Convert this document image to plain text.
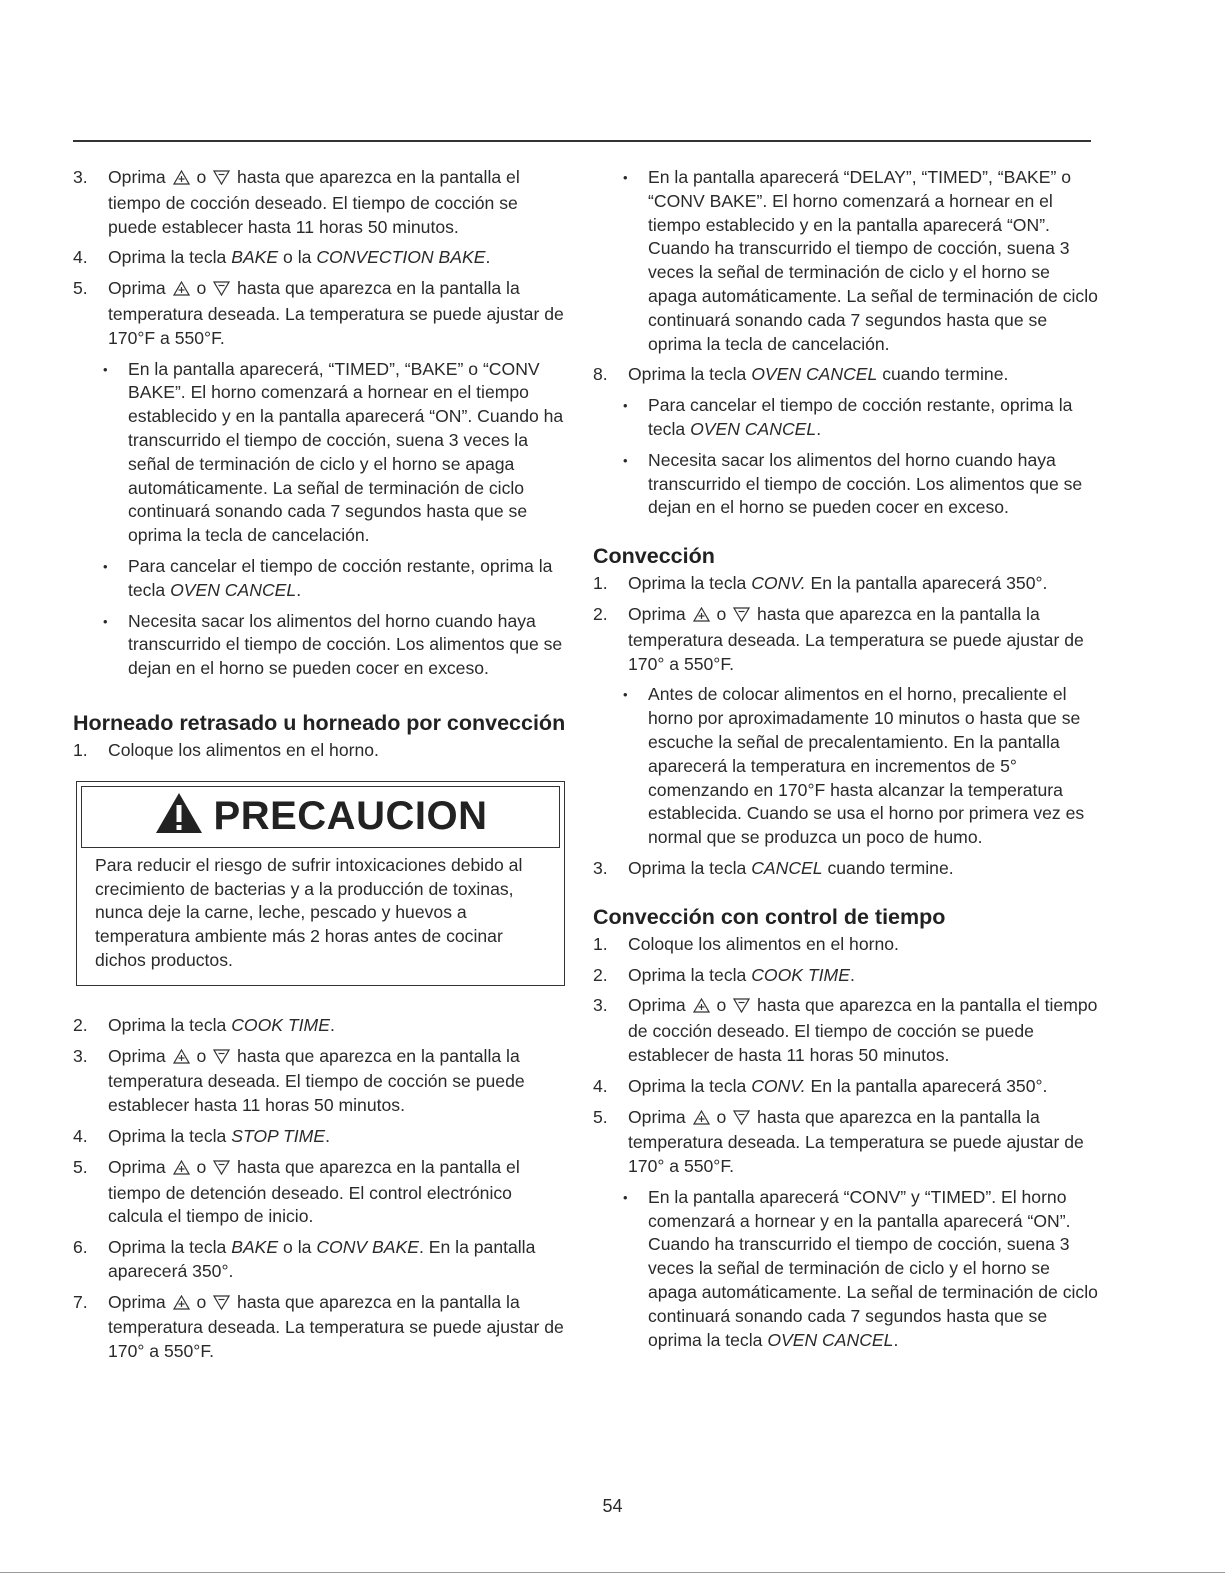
3. Oprima o hasta que aparezca en la pantalla el tiempo de cocción deseado. El tiempo de cocción se puede establecer hasta 11 horas 50 minutos.
4. Oprima la tecla BAKE o la CONVECTION BAKE.
5. Oprima o hasta que aparezca en la pantalla la temperatura deseada. La temperatura se puede ajustar de 170°F a 550°F.
• En la pantalla aparecerá, “TIMED”, “BAKE” o “CONV BAKE”. El horno comenzará a hornear en el tiempo establecido y en la pantalla aparecerá “ON”. Cuando ha transcurrido el tiempo de cocción, suena 3 veces la señal de terminación de ciclo y el horno se apaga automáticamente. La señal de terminación de ciclo continuará sonando cada 7 segundos hasta que se oprima la tecla de cancelación.
• Para cancelar el tiempo de cocción restante, oprima la tecla OVEN CANCEL.
• Necesita sacar los alimentos del horno cuando haya transcurrido el tiempo de cocción. Los alimentos que se dejan en el horno se pueden cocer en exceso.
Horneado retrasado u horneado por convección
1. Coloque los alimentos en el horno.
PRECAUCION
Para reducir el riesgo de sufrir intoxicaciones debido al crecimiento de bacterias y a la producción de toxinas, nunca deje la carne, leche, pescado y huevos a temperatura ambiente más 2 horas antes de cocinar dichos productos.
2. Oprima la tecla COOK TIME.
3. Oprima o hasta que aparezca en la pantalla la temperatura deseada. El tiempo de cocción se puede establecer hasta 11 horas 50 minutos.
4. Oprima la tecla STOP TIME.
5. Oprima o hasta que aparezca en la pantalla el tiempo de detención deseado. El control electrónico calcula el tiempo de inicio.
6. Oprima la tecla BAKE o la CONV BAKE. En la pantalla aparecerá 350°.
7. Oprima o hasta que aparezca en la pantalla la temperatura deseada. La temperatura se puede ajustar de 170° a 550°F.
• En la pantalla aparecerá “DELAY”, “TIMED”, “BAKE” o “CONV BAKE”. El horno comenzará a hornear en el tiempo establecido y en la pantalla aparecerá “ON”. Cuando ha transcurrido el tiempo de cocción, suena 3 veces la señal de terminación de ciclo y el horno se apaga automáticamente. La señal de terminación de ciclo continuará sonando cada 7 segundos hasta que se oprima la tecla de cancelación.
8. Oprima la tecla OVEN CANCEL cuando termine.
• Para cancelar el tiempo de cocción restante, oprima la tecla OVEN CANCEL.
• Necesita sacar los alimentos del horno cuando haya transcurrido el tiempo de cocción. Los alimentos que se dejan en el horno se pueden cocer en exceso.
Convección
1. Oprima la tecla CONV. En la pantalla aparecerá 350°.
2. Oprima o hasta que aparezca en la pantalla la temperatura deseada. La temperatura se puede ajustar de 170° a 550°F.
• Antes de colocar alimentos en el horno, precaliente el horno por aproximadamente 10 minutos o hasta que se escuche la señal de precalentamiento. En la pantalla aparecerá la temperatura en incrementos de 5° comenzando en 170°F hasta alcanzar la temperatura establecida. Cuando se usa el horno por primera vez es normal que se produzca un poco de humo.
3. Oprima la tecla CANCEL cuando termine.
Convección con control de tiempo
1. Coloque los alimentos en el horno.
2. Oprima la tecla COOK TIME.
3. Oprima o hasta que aparezca en la pantalla el tiempo de cocción deseado. El tiempo de cocción se puede establecer de hasta 11 horas 50 minutos.
4. Oprima la tecla CONV. En la pantalla aparecerá 350°.
5. Oprima o hasta que aparezca en la pantalla la temperatura deseada. La temperatura se puede ajustar de 170° a 550°F.
• En la pantalla aparecerá “CONV” y “TIMED”. El horno comenzará a hornear y en la pantalla aparecerá “ON”. Cuando ha transcurrido el tiempo de cocción, suena 3 veces la señal de terminación de ciclo y el horno se apaga automáticamente. La señal de terminación de ciclo continuará sonando cada 7 segundos hasta que se oprima la tecla OVEN CANCEL.
54
